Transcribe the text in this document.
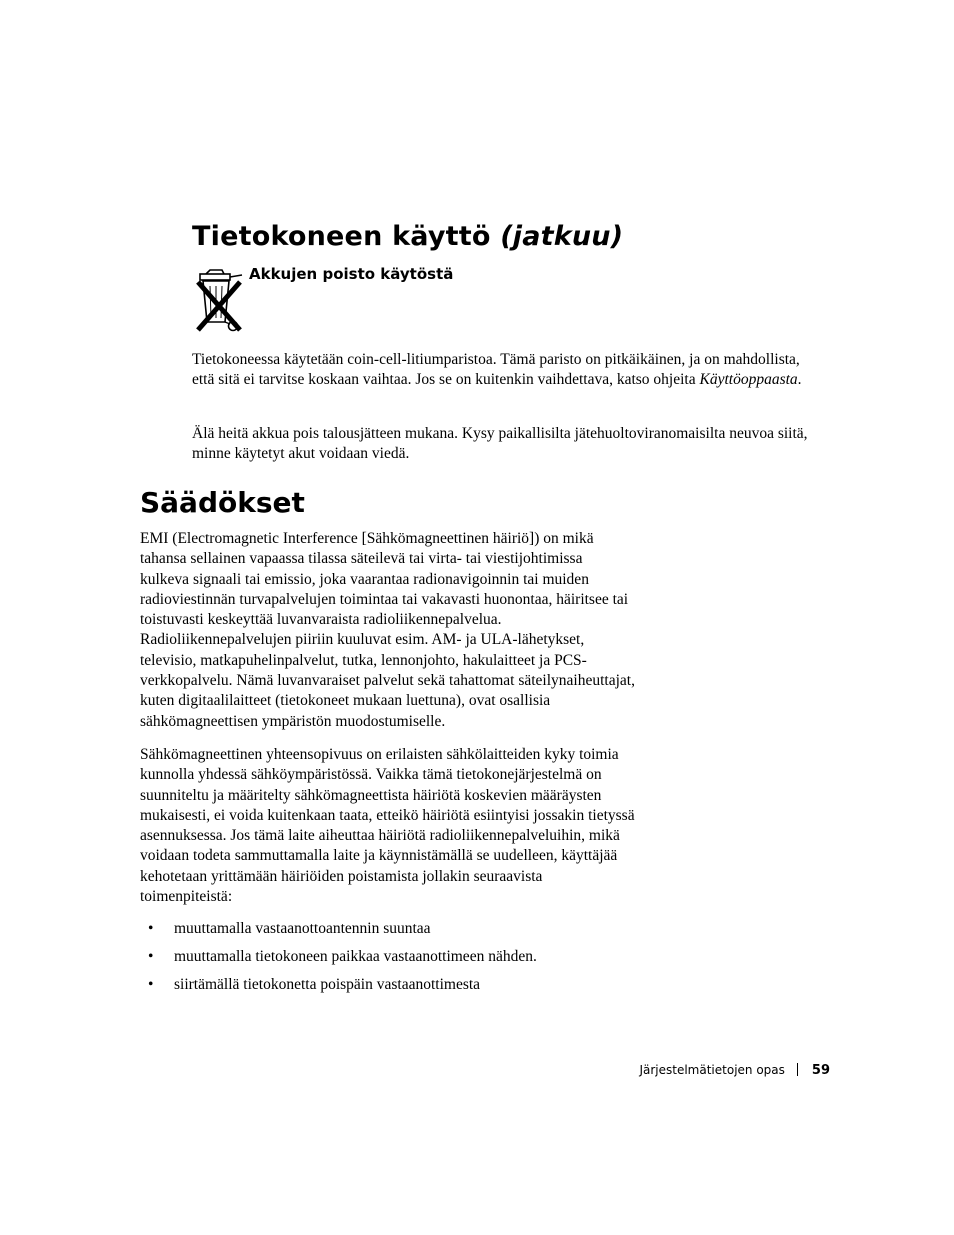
Tietokoneen käyttö (jatkuu)
Akkujen poisto käytöstä

Tietokoneessa käytetään coin-cell-litiumparistoa. Tämä paristo on pitkäikäinen, ja on mahdollista, että sitä ei tarvitse koskaan vaihtaa. Jos se on kuitenkin vaihdettava, katso ohjeita Käyttöoppaasta.

Älä heitä akkua pois talousjätteen mukana. Kysy paikallisilta jätehuoltoviranomaisilta neuvoa siitä, minne käytetyt akut voidaan viedä.

Säädökset

EMI (Electromagnetic Interference [Sähkömagneettinen häiriö]) on mikä tahansa sellainen vapaassa tilassa säteilevä tai virta- tai viestijohtimissa kulkeva signaali tai emissio, joka vaarantaa radionavigoinnin tai muiden radioviestinnän turvapalvelujen toimintaa tai vakavasti huonontaa, häiritsee tai toistuvasti keskeyttää luvanvaraista radioliikennepalvelua. Radioliikennepalvelujen piiriin kuuluvat esim. AM- ja ULA-lähetykset, televisio, matkapuhelinpalvelut, tutka, lennonjohto, hakulaitteet ja PCS-verkkopalvelu. Nämä luvanvaraiset palvelut sekä tahattomat säteilynaiheuttajat, kuten digitaalilaitteet (tietokoneet mukaan luettuna), ovat osallisia sähkömagneettisen ympäristön muodostumiselle.

Sähkömagneettinen yhteensopivuus on erilaisten sähkölaitteiden kyky toimia kunnolla yhdessä sähköympäristössä. Vaikka tämä tietokonejärjestelmä on suunniteltu ja määritelty sähkömagneettista häiriötä koskevien määräysten mukaisesti, ei voida kuitenkaan taata, etteikö häiriötä esiintyisi jossakin tietyssä asennuksessa. Jos tämä laite aiheuttaa häiriötä radioliikennepalveluihin, mikä voidaan todeta sammuttamalla laite ja käynnistämällä se uudelleen, käyttäjää kehotetaan yrittämään häiriöiden poistamista jollakin seuraavista toimenpiteistä:

• muuttamalla vastaanottoantennin suuntaa
• muuttamalla tietokoneen paikkaa vastaanottimeen nähden.
• siirtämällä tietokonetta poispäin vastaanottimesta
Järjestelmätietojen opas 59
